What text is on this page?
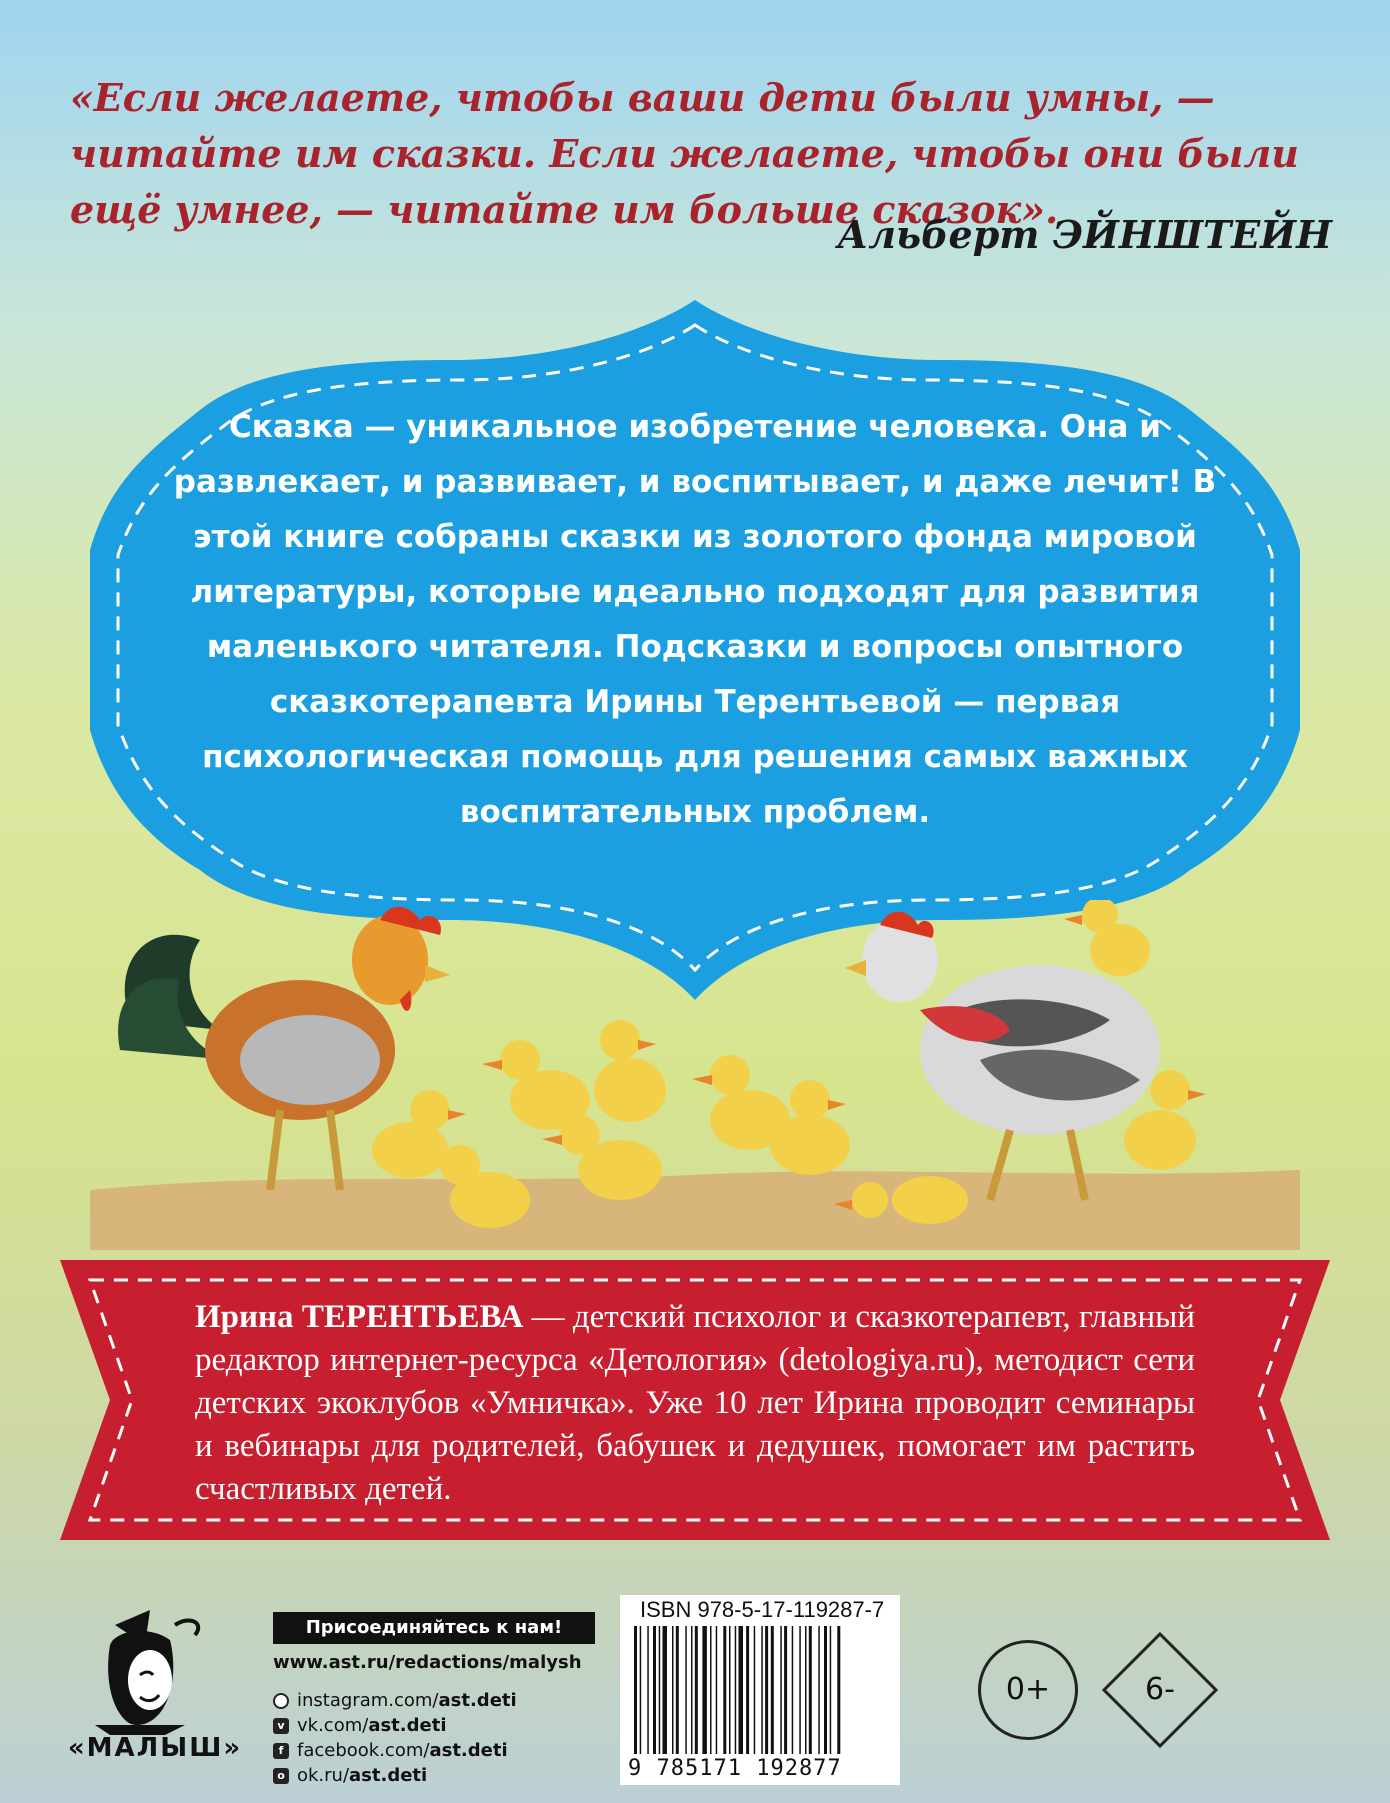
«Если желаете, чтобы ваши дети были умны, — читайте им сказки. Если желаете, чтобы они были ещё умнее, — читайте им больше сказок».

Альберт ЭЙНШТЕЙН

Сказка — уникальное изобретение человека. Она и развлекает, и развивает, и воспитывает, и даже лечит! В этой книге собраны сказки из золотого фонда мировой литературы, которые идеально подходят для развития маленького читателя. Подсказки и вопросы опытного сказкотерапевта Ирины Терентьевой — первая психологическая помощь для решения самых важных воспитательных проблем.

Ирина ТЕРЕНТЬЕВА — детский психолог и сказкотерапевт, главный редактор интернет-ресурса «Детология» (detologiya.ru), методист сети детских экоклубов «Умничка». Уже 10 лет Ирина проводит семинары и вебинары для родителей, бабушек и дедушек, помогает им растить счастливых детей.

«МАЛЫШ»
Присоединяйтесь к нам!
www.ast.ru/redactions/malysh
instagram.com/ ast.deti
v vk.com/ ast.deti
f facebook.com/ ast.deti
о ok.ru/ ast.deti
ISBN 978-5-17-119287-7
9 785171 192877
0+	6-
